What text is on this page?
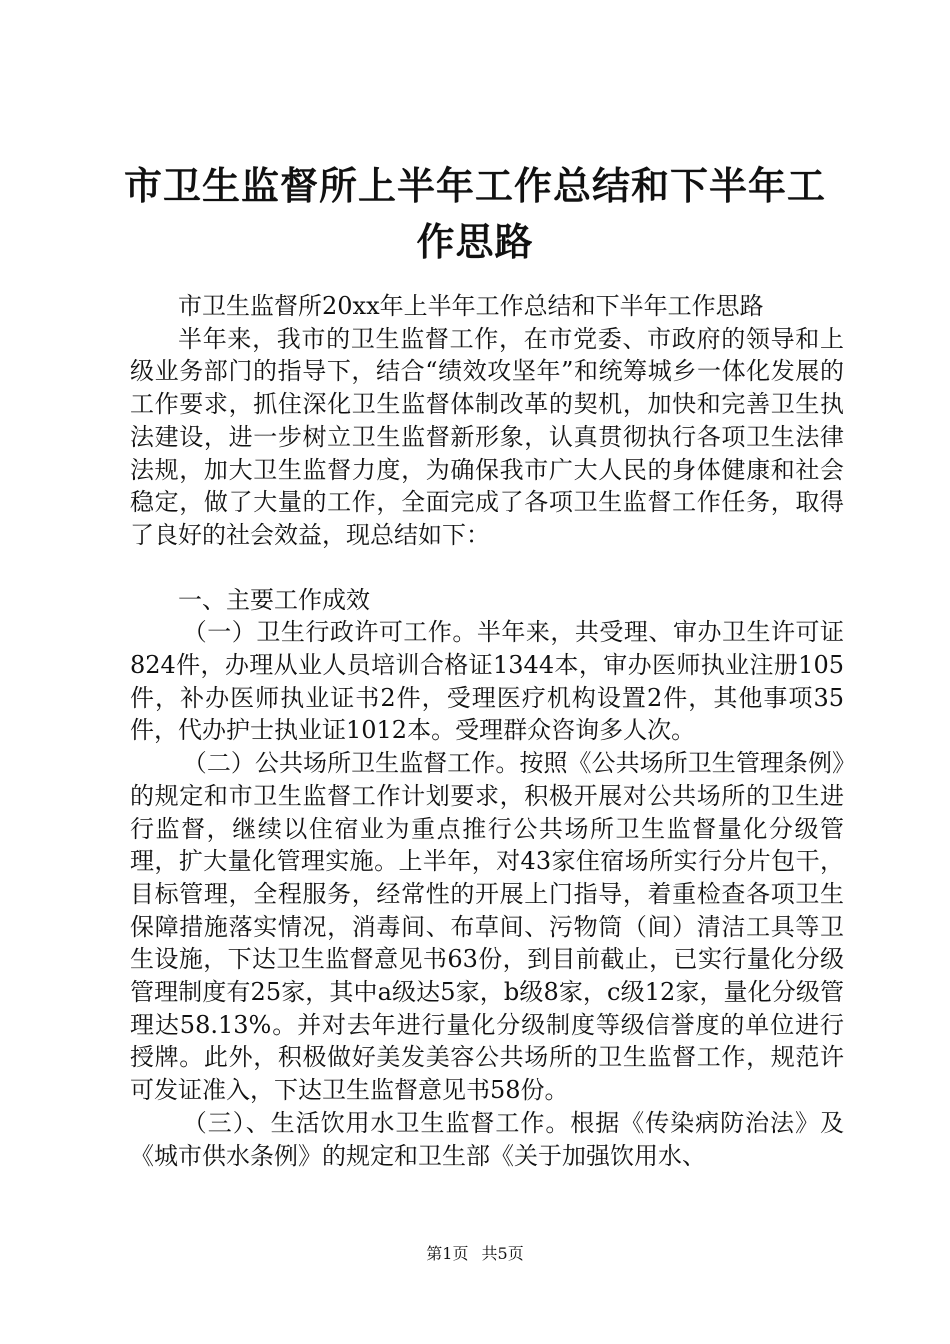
市卫生监督所上半年工作总结和下半年工作思路

市卫生监督所20xx年上半年工作总结和下半年工作思路

半年来，我市的卫生监督工作，在市党委、市政府的领导和上级业务部门的指导下，结合“绩效攻坚年”和统筹城乡一体化发展的工作要求，抓住深化卫生监督体制改革的契机，加快和完善卫生执法建设，进一步树立卫生监督新形象，认真贯彻执行各项卫生法律法规，加大卫生监督力度，为确保我市广大人民的身体健康和社会稳定，做了大量的工作，全面完成了各项卫生监督工作任务，取得了良好的社会效益，现总结如下：

一、主要工作成效

（一）卫生行政许可工作。半年来，共受理、审办卫生许可证824件，办理从业人员培训合格证1344本，审办医师执业注册105件，补办医师执业证书2件，受理医疗机构设置2件，其他事项35件，代办护士执业证1012本。受理群众咨询多人次。

（二）公共场所卫生监督工作。按照《公共场所卫生管理条例》的规定和市卫生监督工作计划要求，积极开展对公共场所的卫生进行监督，继续以住宿业为重点推行公共场所卫生监督量化分级管理，扩大量化管理实施。上半年，对43家住宿场所实行分片包干，目标管理，全程服务，经常性的开展上门指导，着重检查各项卫生保障措施落实情况，消毒间、布草间、污物筒（间）清洁工具等卫生设施，下达卫生监督意见书63份，到目前截止，已实行量化分级管理制度有25家，其中a级达5家，b级8家，c级12家，量化分级管理达58.13%。并对去年进行量化分级制度等级信誉度的单位进行授牌。此外，积极做好美发美容公共场所的卫生监督工作，规范许可发证准入，下达卫生监督意见书58份。

（三）、生活饮用水卫生监督工作。根据《传染病防治法》及《城市供水条例》的规定和卫生部《关于加强饮用水、

第1页 共5页
